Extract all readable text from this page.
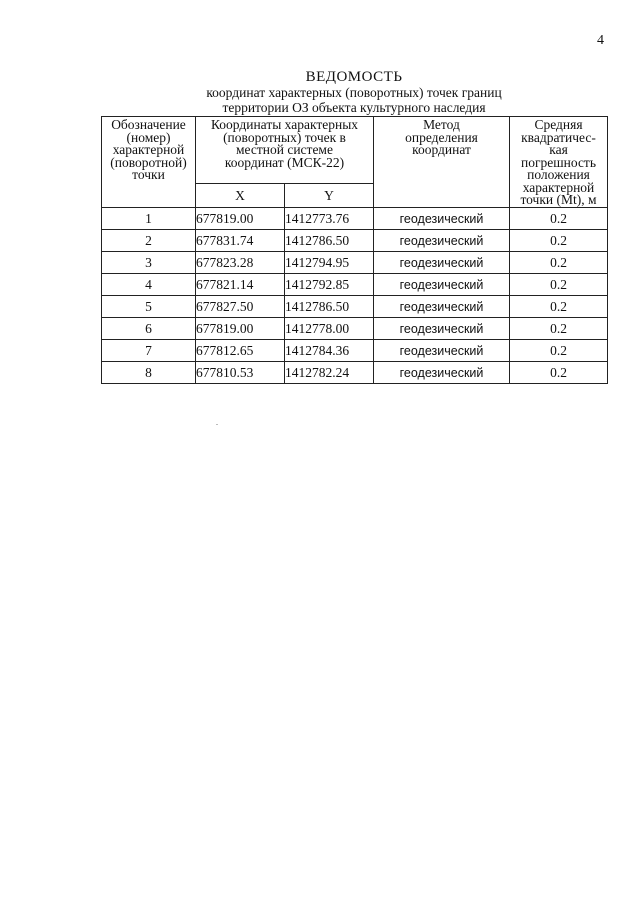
4
ВЕДОМОСТЬ
координат характерных (поворотных) точек границ
территории ОЗ объекта культурного наследия
Обозначение (номер) характерной (поворотной) точки	Координаты характерных (поворотных) точек в местной системе координат (МСК-22)		Метод определения координат	Средняя квадратичес-кая погрешность положения характерной точки (Mt), м
	X	Y		
1	677819.00	1412773.76	геодезический	0.2
2	677831.74	1412786.50	геодезический	0.2
3	677823.28	1412794.95	геодезический	0.2
4	677821.14	1412792.85	геодезический	0.2
5	677827.50	1412786.50	геодезический	0.2
6	677819.00	1412778.00	геодезический	0.2
7	677812.65	1412784.36	геодезический	0.2
8	677810.53	1412782.24	геодезический	0.2
